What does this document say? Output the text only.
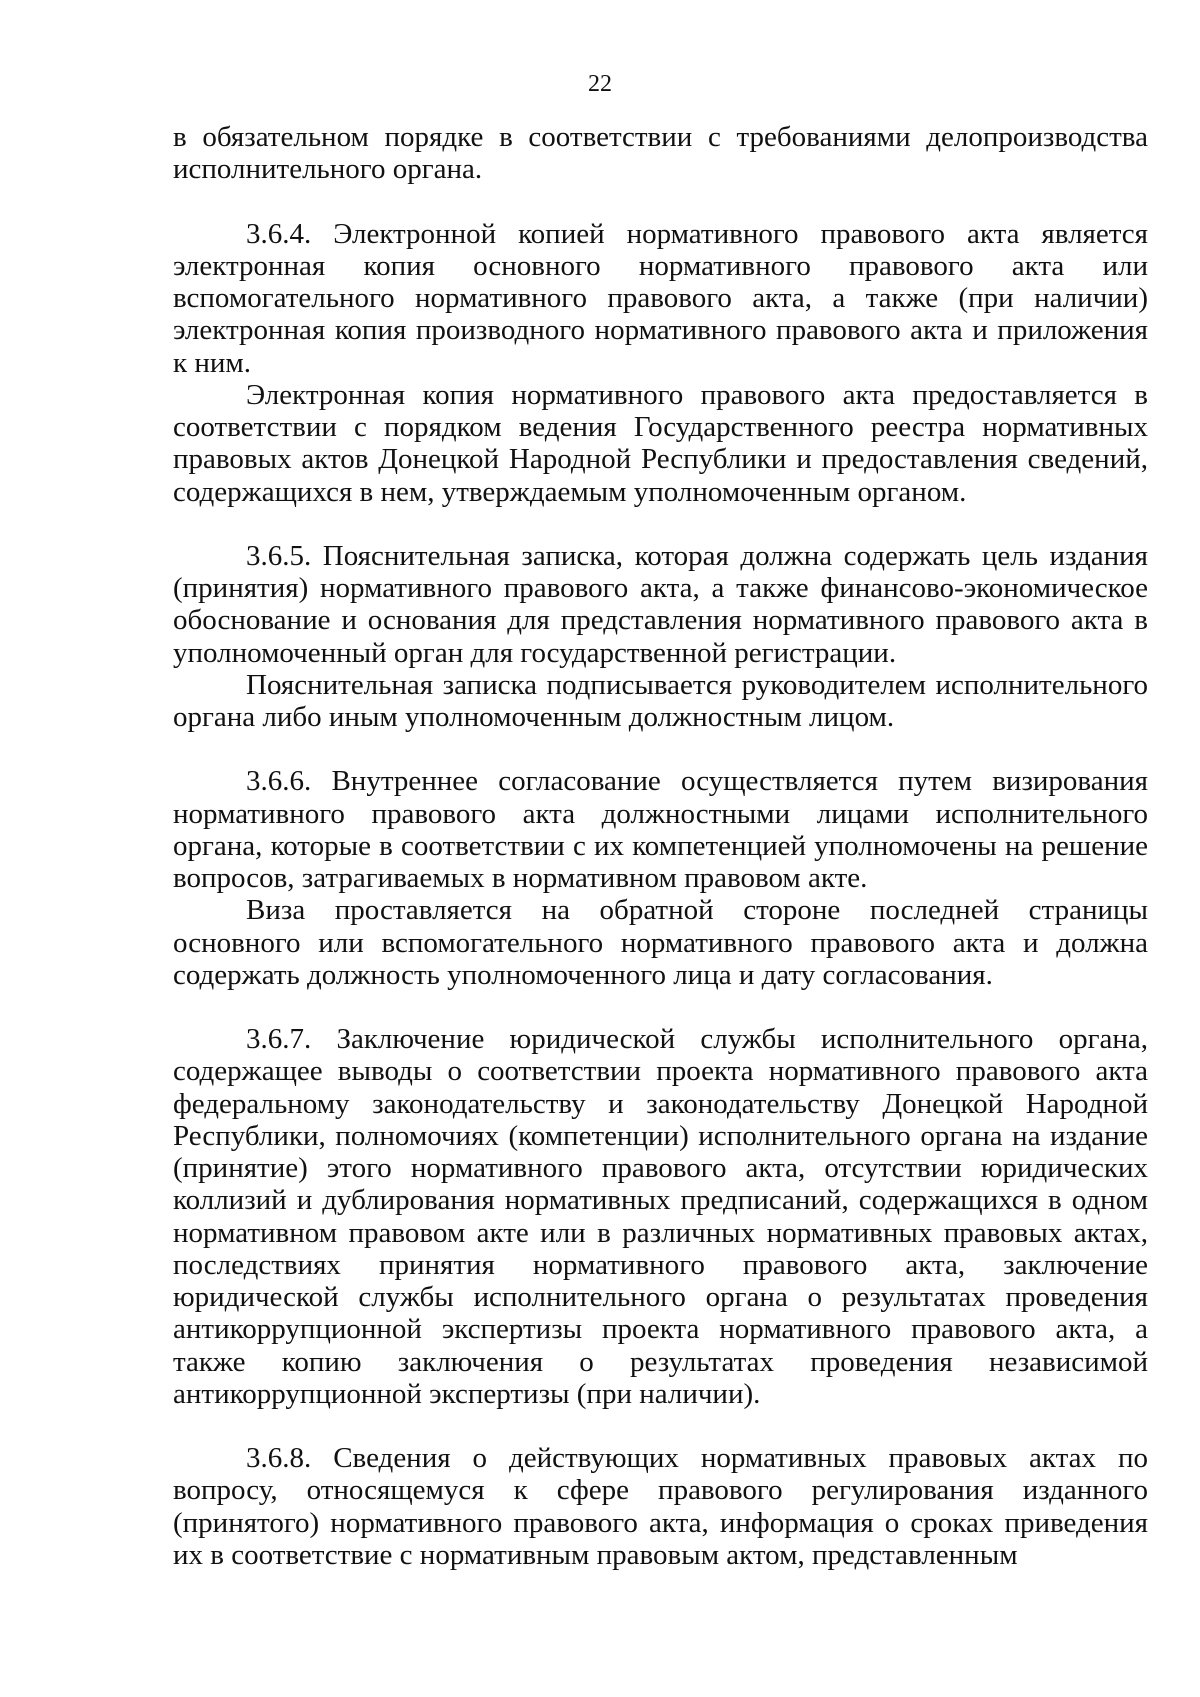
22

в обязательном порядке в соответствии с требованиями делопроизводства исполнительного органа.

3.6.4. Электронной копией нормативного правового акта является электронная копия основного нормативного правового акта или вспомогательного нормативного правового акта, а также (при наличии) электронная копия производного нормативного правового акта и приложения к ним.

Электронная копия нормативного правового акта предоставляется в соответствии с порядком ведения Государственного реестра нормативных правовых актов Донецкой Народной Республики и предоставления сведений, содержащихся в нем, утверждаемым уполномоченным органом.

3.6.5. Пояснительная записка, которая должна содержать цель издания (принятия) нормативного правового акта, а также финансово-экономическое обоснование и основания для представления нормативного правового акта в уполномоченный орган для государственной регистрации.

Пояснительная записка подписывается руководителем исполнительного органа либо иным уполномоченным должностным лицом.

3.6.6. Внутреннее согласование осуществляется путем визирования нормативного правового акта должностными лицами исполнительного органа, которые в соответствии с их компетенцией уполномочены на решение вопросов, затрагиваемых в нормативном правовом акте.

Виза проставляется на обратной стороне последней страницы основного или вспомогательного нормативного правового акта и должна содержать должность уполномоченного лица и дату согласования.

3.6.7. Заключение юридической службы исполнительного органа, содержащее выводы о соответствии проекта нормативного правового акта федеральному законодательству и законодательству Донецкой Народной Республики, полномочиях (компетенции) исполнительного органа на издание (принятие) этого нормативного правового акта, отсутствии юридических коллизий и дублирования нормативных предписаний, содержащихся в одном нормативном правовом акте или в различных нормативных правовых актах, последствиях принятия нормативного правового акта, заключение юридической службы исполнительного органа о результатах проведения антикоррупционной экспертизы проекта нормативного правового акта, а также копию заключения о результатах проведения независимой антикоррупционной экспертизы (при наличии).

3.6.8. Сведения о действующих нормативных правовых актах по вопросу, относящемуся к сфере правового регулирования изданного (принятого) нормативного правового акта, информация о сроках приведения их в соответствие с нормативным правовым актом, представленным
